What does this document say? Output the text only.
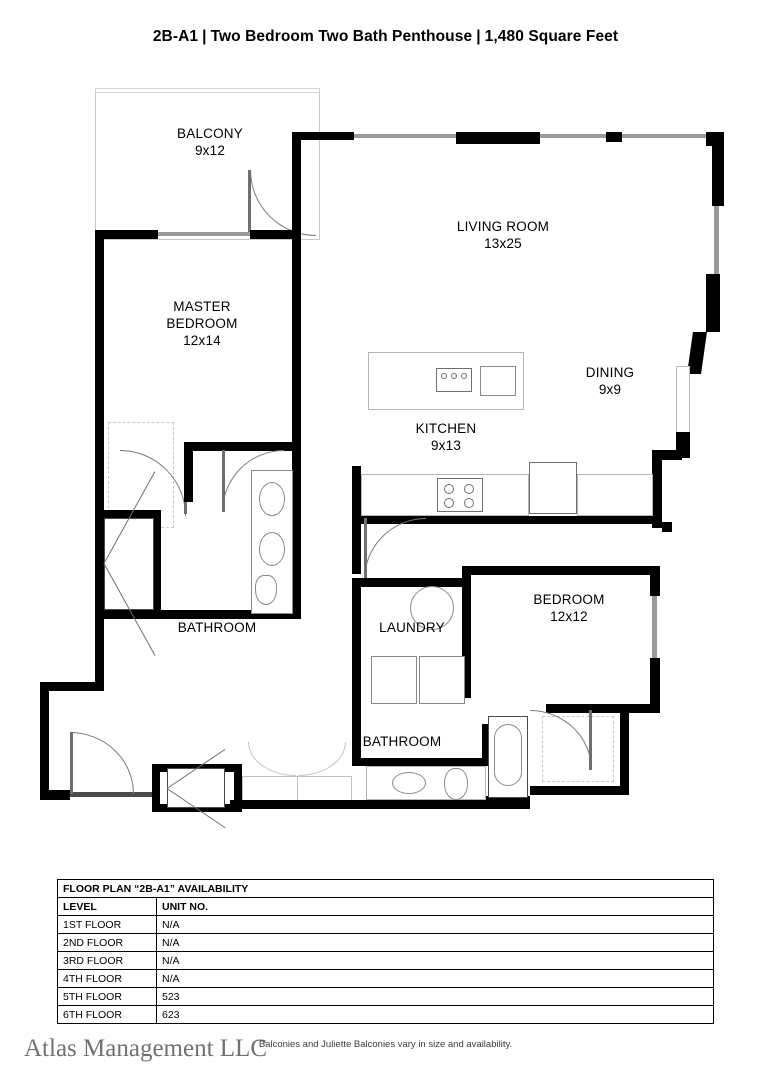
2B-A1 | Two Bedroom Two Bath Penthouse | 1,480 Square Feet
BALCONY
9x12
LIVING ROOM
13x25
MASTER
BEDROOM
12x14
DINING
9x9
KITCHEN
9x13
BATHROOM	LAUNDRY
BEDROOM
12x12
BATHROOM
FLOOR PLAN “2B-A1” AVAILABILITY	
LEVEL	UNIT NO.
1ST FLOOR	N/A
2ND FLOOR	N/A
3RD FLOOR	N/A
4TH FLOOR	N/A
5TH FLOOR	523
6TH FLOOR	623
Balconies and Juliette Balconies vary in size and availability.
Atlas Management LLC
